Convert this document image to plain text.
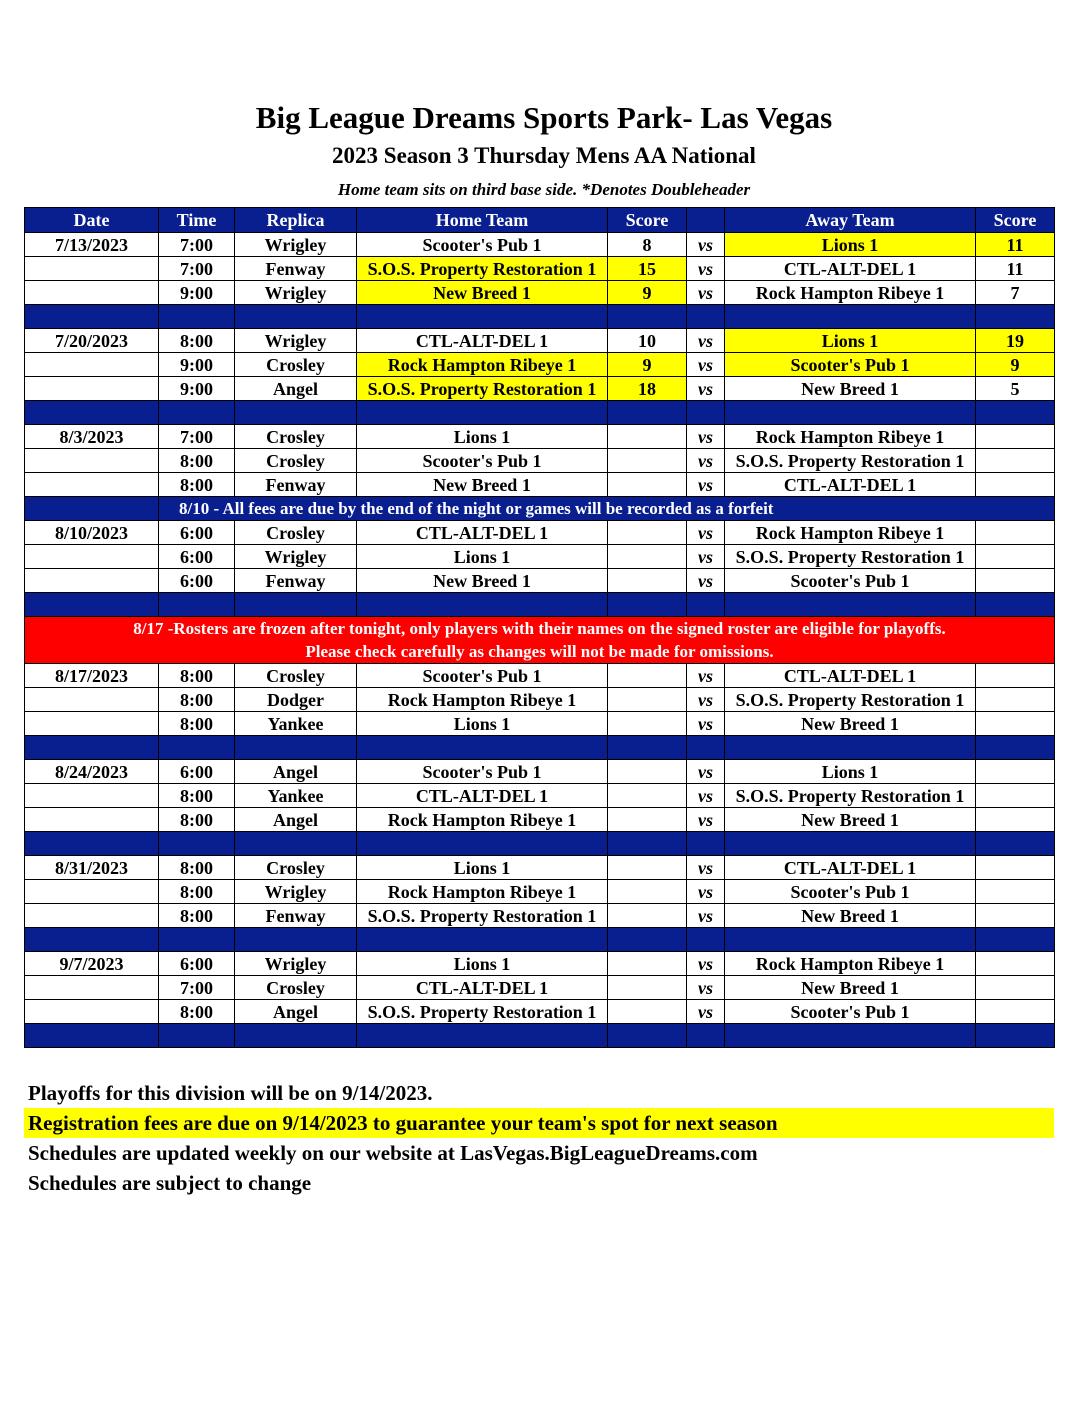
Big League Dreams Sports Park- Las Vegas
2023 Season 3 Thursday Mens AA National
Home team sits on third base side. *Denotes Doubleheader
Date	Time	Replica	Home Team	Score		Away Team	Score
7/13/2023	7:00	Wrigley	Scooter's Pub 1	8	vs	Lions 1	11
	7:00	Fenway	S.O.S. Property Restoration 1	15	vs	CTL-ALT-DEL 1	11
	9:00	Wrigley	New Breed 1	9	vs	Rock Hampton Ribeye 1	7

7/20/2023	8:00	Wrigley	CTL-ALT-DEL 1	10	vs	Lions 1	19
	9:00	Crosley	Rock Hampton Ribeye 1	9	vs	Scooter's Pub 1	9
	9:00	Angel	S.O.S. Property Restoration 1	18	vs	New Breed 1	5

8/3/2023	7:00	Crosley	Lions 1		vs	Rock Hampton Ribeye 1	
	8:00	Crosley	Scooter's Pub 1		vs	S.O.S. Property Restoration 1	
	8:00	Fenway	New Breed 1		vs	CTL-ALT-DEL 1	
	8/10 - All fees are due by the end of the night or games will be recorded as a forfeit						
8/10/2023	6:00	Crosley	CTL-ALT-DEL 1		vs	Rock Hampton Ribeye 1	
	6:00	Wrigley	Lions 1		vs	S.O.S. Property Restoration 1	
	6:00	Fenway	New Breed 1		vs	Scooter's Pub 1	

8/17 -Rosters are frozen after tonight, only players with their names on the signed roster are eligible for playoffs.
Please check carefully as changes will not be made for omissions.							

8/17/2023	8:00	Crosley	Scooter's Pub 1		vs	CTL-ALT-DEL 1	
	8:00	Dodger	Rock Hampton Ribeye 1		vs	S.O.S. Property Restoration 1	
	8:00	Yankee	Lions 1		vs	New Breed 1	

8/24/2023	6:00	Angel	Scooter's Pub 1		vs	Lions 1	
	8:00	Yankee	CTL-ALT-DEL 1		vs	S.O.S. Property Restoration 1	
	8:00	Angel	Rock Hampton Ribeye 1		vs	New Breed 1	

8/31/2023	8:00	Crosley	Lions 1		vs	CTL-ALT-DEL 1	
	8:00	Wrigley	Rock Hampton Ribeye 1		vs	Scooter's Pub 1	
	8:00	Fenway	S.O.S. Property Restoration 1		vs	New Breed 1	

9/7/2023	6:00	Wrigley	Lions 1		vs	Rock Hampton Ribeye 1	
	7:00	Crosley	CTL-ALT-DEL 1		vs	New Breed 1	
	8:00	Angel	S.O.S. Property Restoration 1		vs	Scooter's Pub 1	

Playoffs for this division will be on 9/14/2023.
Registration fees are due on 9/14/2023 to guarantee your team's spot for next season
Schedules are updated weekly on our website at LasVegas.BigLeagueDreams.com
Schedules are subject to change
